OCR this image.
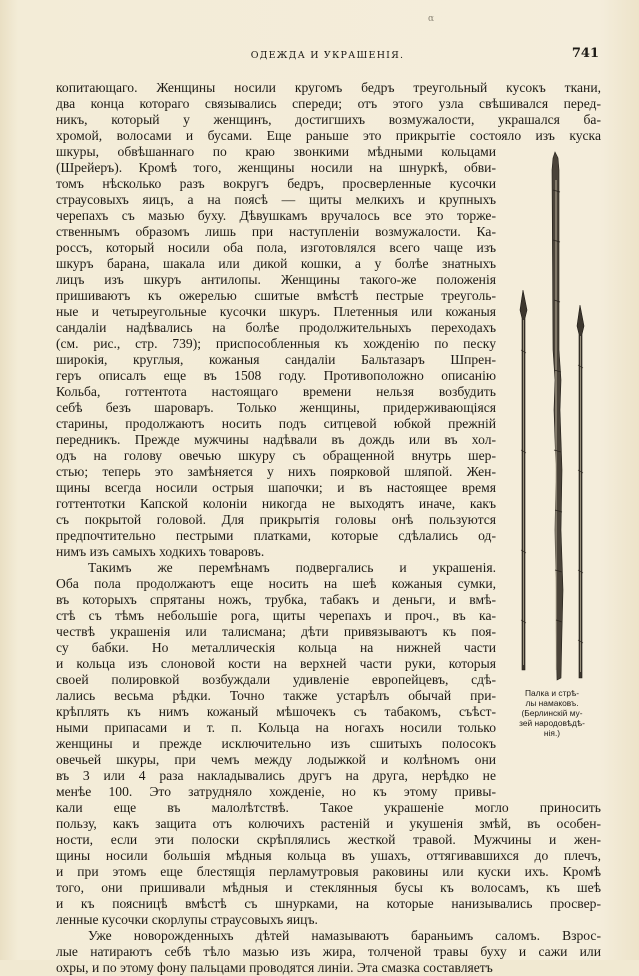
ОДЕЖДА И УКРАШЕНІЯ.	741
α
копитающаго. Женщины носили кругомъ бедръ треугольный кусокъ ткани,
два конца котораго связывались спереди; отъ этого узла свѣшивался перед-
никъ, который у женщинъ, достигшихъ возмужалости, украшался ба-
хромой, волосами и бусами. Еще раньше это прикрытіе состояло изъ куска
шкуры, обвѣшаннаго по краю звонкими мѣдными кольцами
(Шрейеръ). Кромѣ того, женщины носили на шнуркѣ, обви-
томъ нѣсколько разъ вокругъ бедръ, просверленные кусочки
страусовыхъ яицъ, а на поясѣ — щиты мелкихъ и крупныхъ
черепахъ съ мазью буху. Дѣвушкамъ вручалось все это торже-
ственнымъ образомъ лишь при наступленіи возмужалости. Ка-
россъ, который носили оба пола, изготовлялся всего чаще изъ
шкуръ барана, шакала или дикой кошки, а у болѣе знатныхъ
лицъ изъ шкуръ антилопы. Женщины такого-же положенія
пришиваютъ къ ожерелью сшитые вмѣстѣ пестрые треуголь-
ные и четыреугольные кусочки шкуръ. Плетенныя или кожаныя
сандаліи надѣвались на болѣе продолжительныхъ переходахъ
(см. рис., стр. 739); приспособленныя къ хожденію по песку
широкія, круглыя, кожаныя сандаліи Бальтазаръ Шпрен-
геръ описалъ еще въ 1508 году. Противоположно описанію
Кольба, готтентота настоящаго времени нельзя возбудить
себѣ безъ шароваръ. Только женщины, придерживающіяся
старины, продолжаютъ носить подъ ситцевой юбкой прежній
передникъ. Прежде мужчины надѣвали въ дождь или въ хол-
одъ на голову овечью шкуру съ обращенной внутрь шер-
стью; теперь это замѣняется у нихъ поярковой шляпой. Жен-
щины всегда носили острыя шапочки; и въ настоящее время
готтентотки Капской колоніи никогда не выходятъ иначе, какъ
съ покрытой головой. Для прикрытія головы онѣ пользуются
предпочтительно пестрыми платками, которые сдѣлались од-
нимъ изъ самыхъ ходкихъ товаровъ.
Такимъ же перемѣнамъ подвергались и украшенія.
Оба пола продолжаютъ еще носить на шеѣ кожаныя сумки,
въ которыхъ спрятаны ножъ, трубка, табакъ и деньги, и вмѣ-
стѣ съ тѣмъ небольшіе рога, щиты черепахъ и проч., въ ка-
чествѣ украшенія или талисмана; дѣти привязываютъ къ поя-
су бабки. Но металлическія кольца на нижней части
и кольца изъ слоновой кости на верхней части руки, которыя
своей полировкой возбуждали удивленіе европейцевъ, сдѣ-
лались весьма рѣдки. Точно также устарѣлъ обычай при-
крѣплять къ нимъ кожаный мѣшочекъ съ табакомъ, съѣст-
ными припасами и т. п. Кольца на ногахъ носили только
женщины и прежде исключительно изъ сшитыхъ полосокъ
овечьей шкуры, при чемъ между лодыжкой и колѣномъ они
въ 3 или 4 раза накладывались другъ на друга, нерѣдко не
менѣе 100. Это затрудняло хожденіе, но къ этому привы-
кали еще въ малолѣтствѣ. Такое украшеніе могло приносить
пользу, какъ защита отъ колючихъ растеній и укушенія змѣй, въ особен-
ности, если эти полоски скрѣплялись жесткой травой. Мужчины и жен-
щины носили большія мѣдныя кольца въ ушахъ, оттягивавшихся до плечъ,
и при этомъ еще блестящія перламутровыя раковины или куски ихъ. Кромѣ
того, они пришивали мѣдныя и стеклянныя бусы къ волосамъ, къ шеѣ
и къ поясницѣ вмѣстѣ съ шнурками, на которые нанизывались просвер-
ленные кусочки скорлупы страусовыхъ яицъ.
Уже новорожденныхъ дѣтей намазываютъ бараньимъ саломъ. Взрос-
лые натираютъ себѣ тѣло мазью изъ жира, толченой травы буху и сажи или
охры, и по этому фону пальцами проводятся линіи. Эта смазка составляетъ
Палка и стрѣ-
лы намаковъ.
(Берлинскій му-
зей народовѣдѣ-
нія.)
